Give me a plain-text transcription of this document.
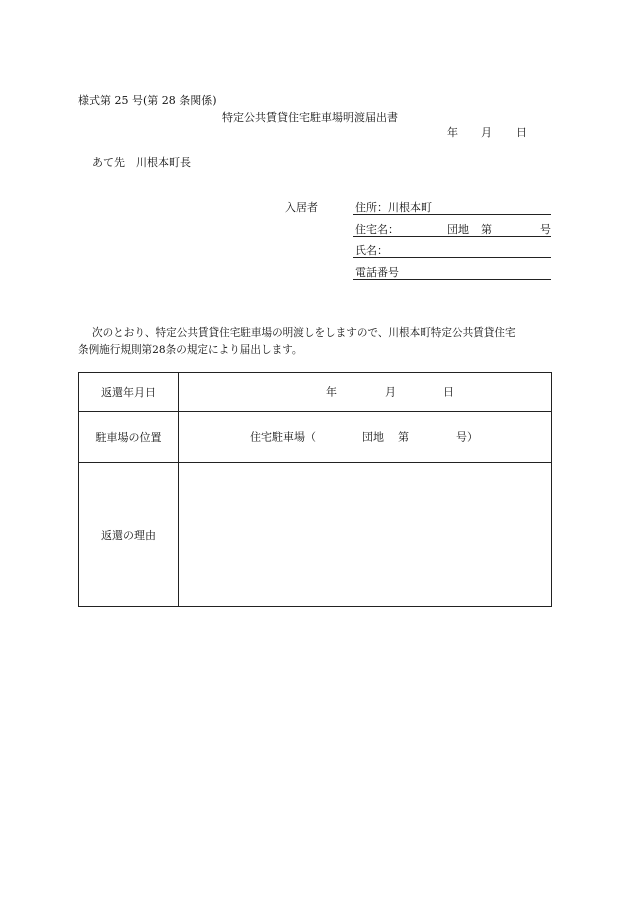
様式第 25 号(第 28 条関係)
特定公共賃貸住宅駐車場明渡届出書
年 月 日
あて先　川根本町長
入居者	住所：川根本町
住宅名：	団地 第	号
氏名：
電話番号
次のとおり、特定公共賃貸住宅駐車場の明渡しをしますので、川根本町特定公共賃貸住宅
条例施行規則第28条の規定により届出します。
返還年月日	年 月 日

駐車場の位置	住宅駐車場（ 団地 第 号）

返還の理由	
